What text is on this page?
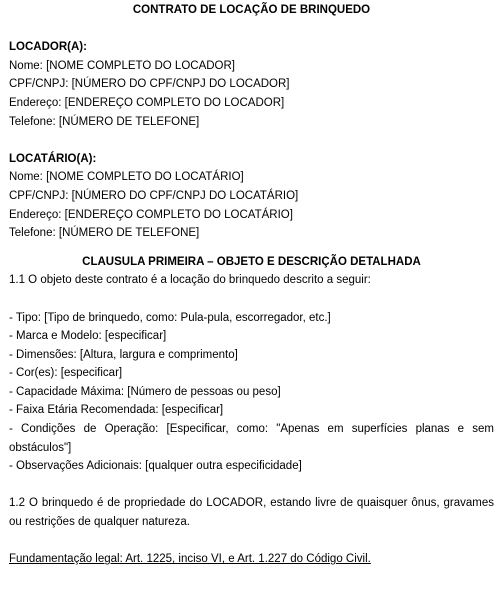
CONTRATO DE LOCAÇÃO DE BRINQUEDO

LOCADOR(A):

Nome: [NOME COMPLETO DO LOCADOR]

CPF/CNPJ: [NÚMERO DO CPF/CNPJ DO LOCADOR]

Endereço: [ENDEREÇO COMPLETO DO LOCADOR]

Telefone: [NÚMERO DE TELEFONE]

LOCATÁRIO(A):

Nome: [NOME COMPLETO DO LOCATÁRIO]

CPF/CNPJ: [NÚMERO DO CPF/CNPJ DO LOCATÁRIO]

Endereço: [ENDEREÇO COMPLETO DO LOCATÁRIO]

Telefone: [NÚMERO DE TELEFONE]

CLAUSULA PRIMEIRA – OBJETO E DESCRIÇÃO DETALHADA

1.1 O objeto deste contrato é a locação do brinquedo descrito a seguir:

- Tipo: [Tipo de brinquedo, como: Pula-pula, escorregador, etc.]

- Marca e Modelo: [especificar]

- Dimensões: [Altura, largura e comprimento]

- Cor(es): [especificar]

- Capacidade Máxima: [Número de pessoas ou peso]

- Faixa Etária Recomendada: [especificar]

- Condições de Operação: [Especificar, como: "Apenas em superfícies planas e sem obstáculos"]

- Observações Adicionais: [qualquer outra especificidade]

1.2 O brinquedo é de propriedade do LOCADOR, estando livre de quaisquer ônus, gravames ou restrições de qualquer natureza.

Fundamentação legal: Art. 1225, inciso VI, e Art. 1.227 do Código Civil.
